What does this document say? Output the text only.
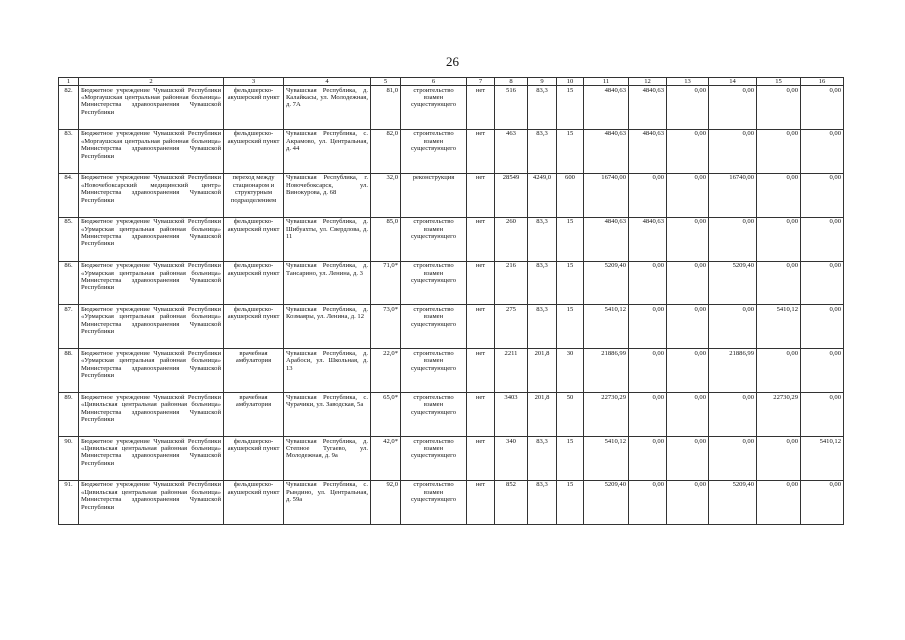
26
1	2	3	4	5	6	7	8	9	10	11	12	13	14	15	16
82.	Бюджетное учреждение Чувашской Республики «Моргаушская центральная районная больница» Министерства здравоохранения Чувашской Республики	фельдшерско-акушерский пункт	Чувашская Республика, д. Калайкасы, ул. Молодежная, д. 7А	81,0	строительство взамен существующего	нет	516	83,3	15	4840,63	4840,63	0,00	0,00	0,00	0,00
83.	Бюджетное учреждение Чувашской Республики «Моргаушская центральная районная больница» Министерства здравоохранения Чувашской Республики	фельдшерско-акушерский пункт	Чувашская Республика, с. Акрамово, ул. Центральная, д. 44	82,0	строительство взамен существующего	нет	463	83,3	15	4840,63	4840,63	0,00	0,00	0,00	0,00
84.	Бюджетное учреждение Чувашской Республики «Новочебоксарский медицинский центр» Министерства здравоохранения Чувашской Республики	переход между стационаром и структурным подразделением	Чувашская Республика, г. Новочебоксарск, ул. Винокурова, д. 68	32,0	реконструкция	нет	28549	4249,0	600	16740,00	0,00	0,00	16740,00	0,00	0,00
85.	Бюджетное учреждение Чувашской Республики «Урмарская центральная районная больница» Министерства здравоохранения Чувашской Республики	фельдшерско-акушерский пункт	Чувашская Республика, д. Шибуахты, ул. Свердлова, д. 11	85,0	строительство взамен существующего	нет	260	83,3	15	4840,63	4840,63	0,00	0,00	0,00	0,00
86.	Бюджетное учреждение Чувашской Республики «Урмарская центральная районная больница» Министерства здравоохранения Чувашской Республики	фельдшерско-акушерский пункт	Чувашская Республика, д. Тансарино, ул. Ленина, д. 3	71,0*	строительство взамен существующего	нет	216	83,3	15	5209,40	0,00	0,00	5209,40	0,00	0,00
87.	Бюджетное учреждение Чувашской Республики «Урмарская центральная районная больница» Министерства здравоохранения Чувашской Республики	фельдшерско-акушерский пункт	Чувашская Республика, д. Козмаяры, ул. Ленина, д. 12	73,0*	строительство взамен существующего	нет	275	83,3	15	5410,12	0,00	0,00	0,00	5410,12	0,00
88.	Бюджетное учреждение Чувашской Республики «Урмарская центральная районная больница» Министерства здравоохранения Чувашской Республики	врачебная амбулатория	Чувашская Республика, д. Арабоси, ул. Школьная, д. 13	22,0*	строительство взамен существующего	нет	2211	201,8	30	21886,99	0,00	0,00	21886,99	0,00	0,00
89.	Бюджетное учреждение Чувашской Республики «Цивильская центральная районная больница» Министерства здравоохранения Чувашской Республики	врачебная амбулатория	Чувашская Республика, с. Чурачики, ул. Заводская, 5а	65,0*	строительство взамен существующего	нет	3403	201,8	50	22730,29	0,00	0,00	0,00	22730,29	0,00
90.	Бюджетное учреждение Чувашской Республики «Цивильская центральная районная больница» Министерства здравоохранения Чувашской Республики	фельдшерско-акушерский пункт	Чувашская Республика, д. Степное Тугаево, ул. Молодежная, д. 9а	42,0*	строительство взамен существующего	нет	340	83,3	15	5410,12	0,00	0,00	0,00	0,00	5410,12
91.	Бюджетное учреждение Чувашской Республики «Цивильская центральная районная больница» Министерства здравоохранения Чувашской Республики	фельдшерско-акушерский пункт	Чувашская Республика, с. Рындино, ул. Центральная, д. 59а	92,0	строительство взамен существующего	нет	852	83,3	15	5209,40	0,00	0,00	5209,40	0,00	0,00
